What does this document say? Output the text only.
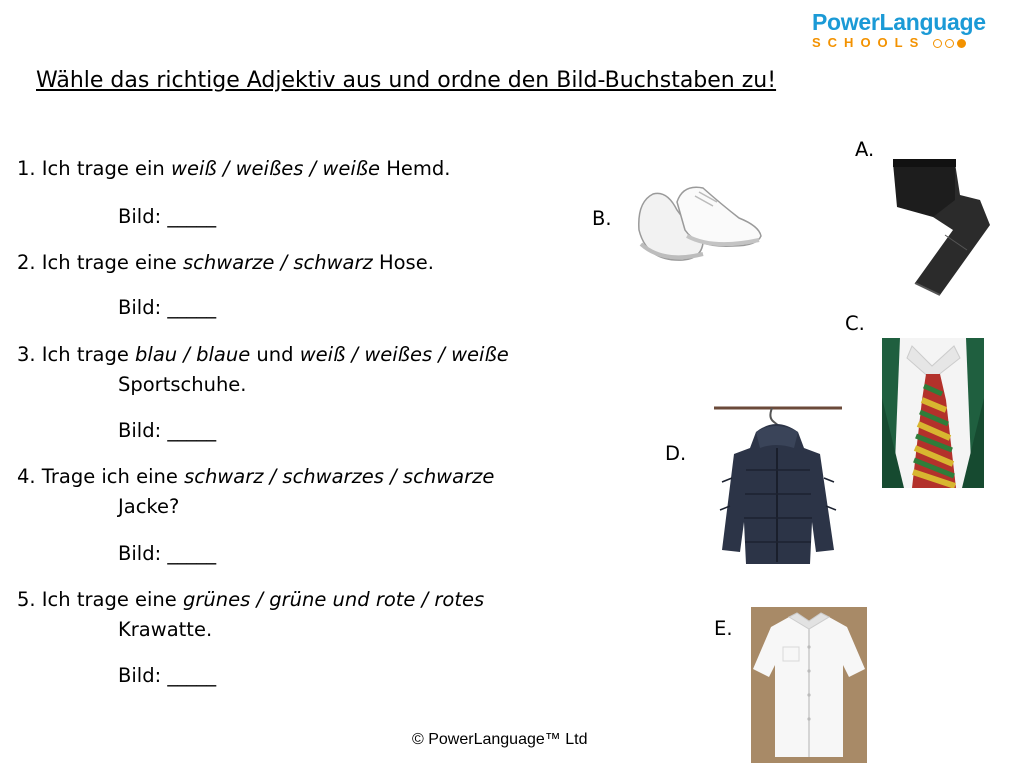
PowerLanguage
SCHOOLS
Wähle das richtige Adjektiv aus und ordne den Bild-Buchstaben zu!
1. Ich trage ein weiß / weißes / weiße Hemd.
Bild: _____
2. Ich trage eine schwarze / schwarz Hose.
Bild: _____
3. Ich trage blau / blaue und weiß / weißes / weiße
Sportschuhe.
Bild: _____
4. Trage ich eine schwarz / schwarzes / schwarze
Jacke?
Bild: _____
5. Ich trage eine grünes / grüne und rote / rotes
Krawatte.
Bild: _____
A.
B.
C.
D.
E.
© PowerLanguage™ Ltd
